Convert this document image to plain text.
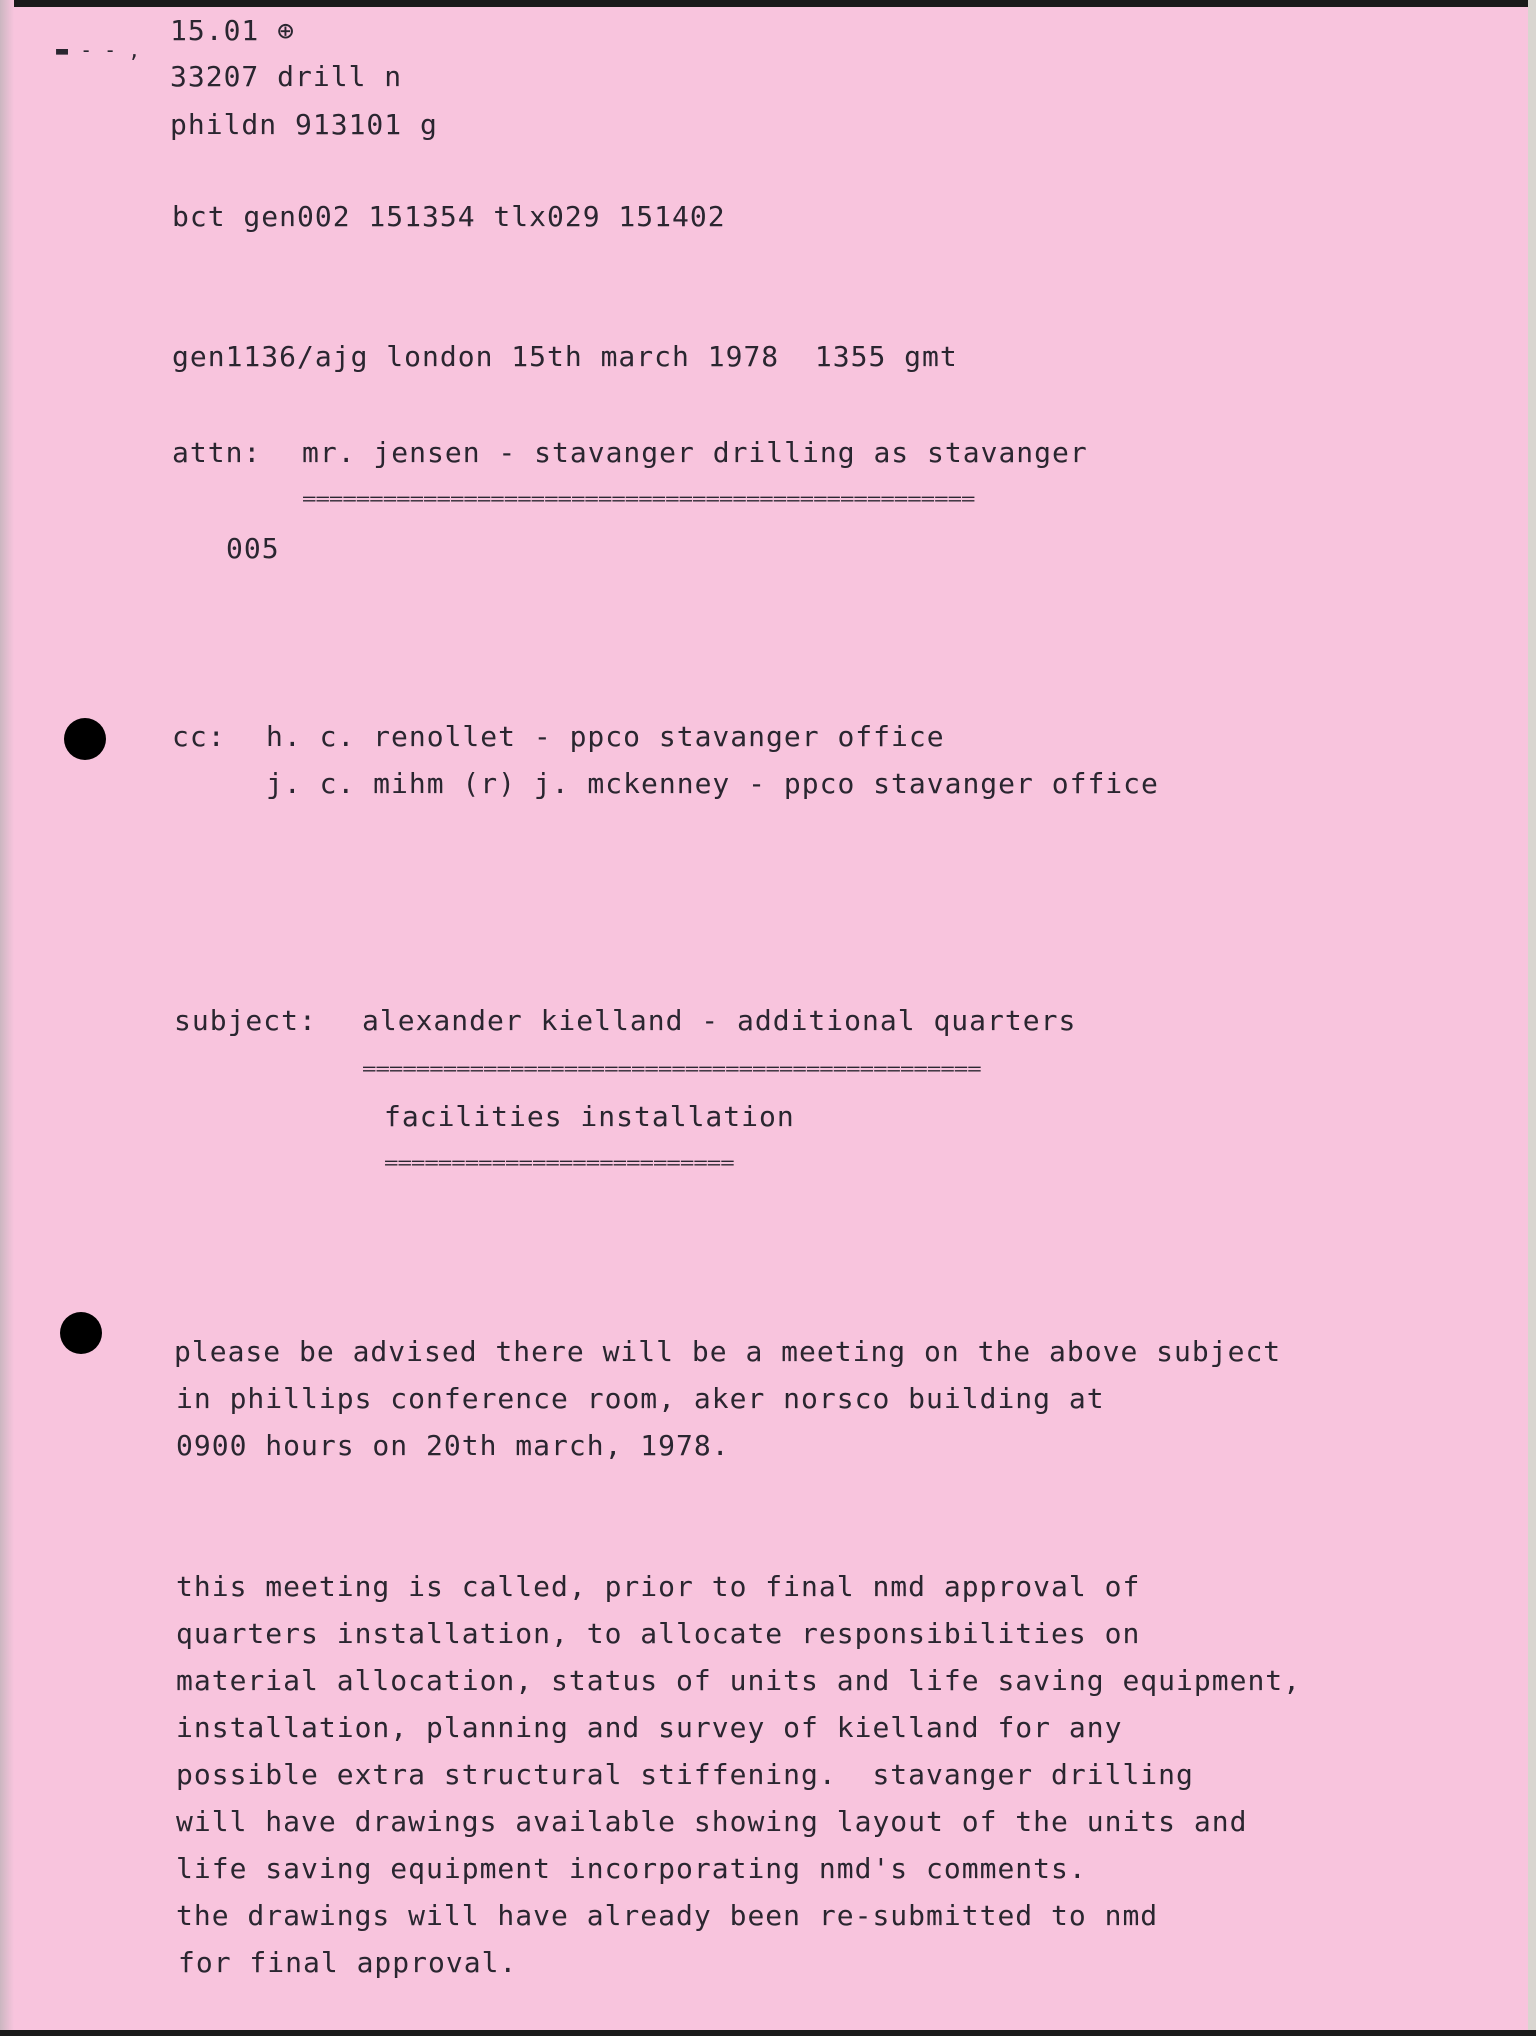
▬ - - ,
15.01 ⊕
33207 drill n
phildn 913101 g
bct gen002 151354 tlx029 151402
gen1136/ajg london 15th march 1978  1355 gmt
attn: mr. jensen - stavanger drilling as stavanger
==================================================
005
cc: h. c. renollet - ppco stavanger office
j. c. mihm (r) j. mckenney - ppco stavanger office
subject: alexander kielland - additional quarters
==============================================
facilities installation
==========================
please be advised there will be a meeting on the above subject
in phillips conference room, aker norsco building at
0900 hours on 20th march, 1978.
this meeting is called, prior to final nmd approval of
quarters installation, to allocate responsibilities on
material allocation, status of units and life saving equipment,
installation, planning and survey of kielland for any
possible extra structural stiffening.  stavanger drilling
will have drawings available showing layout of the units and
life saving equipment incorporating nmd's comments.
the drawings will have already been re-submitted to nmd
for final approval.
